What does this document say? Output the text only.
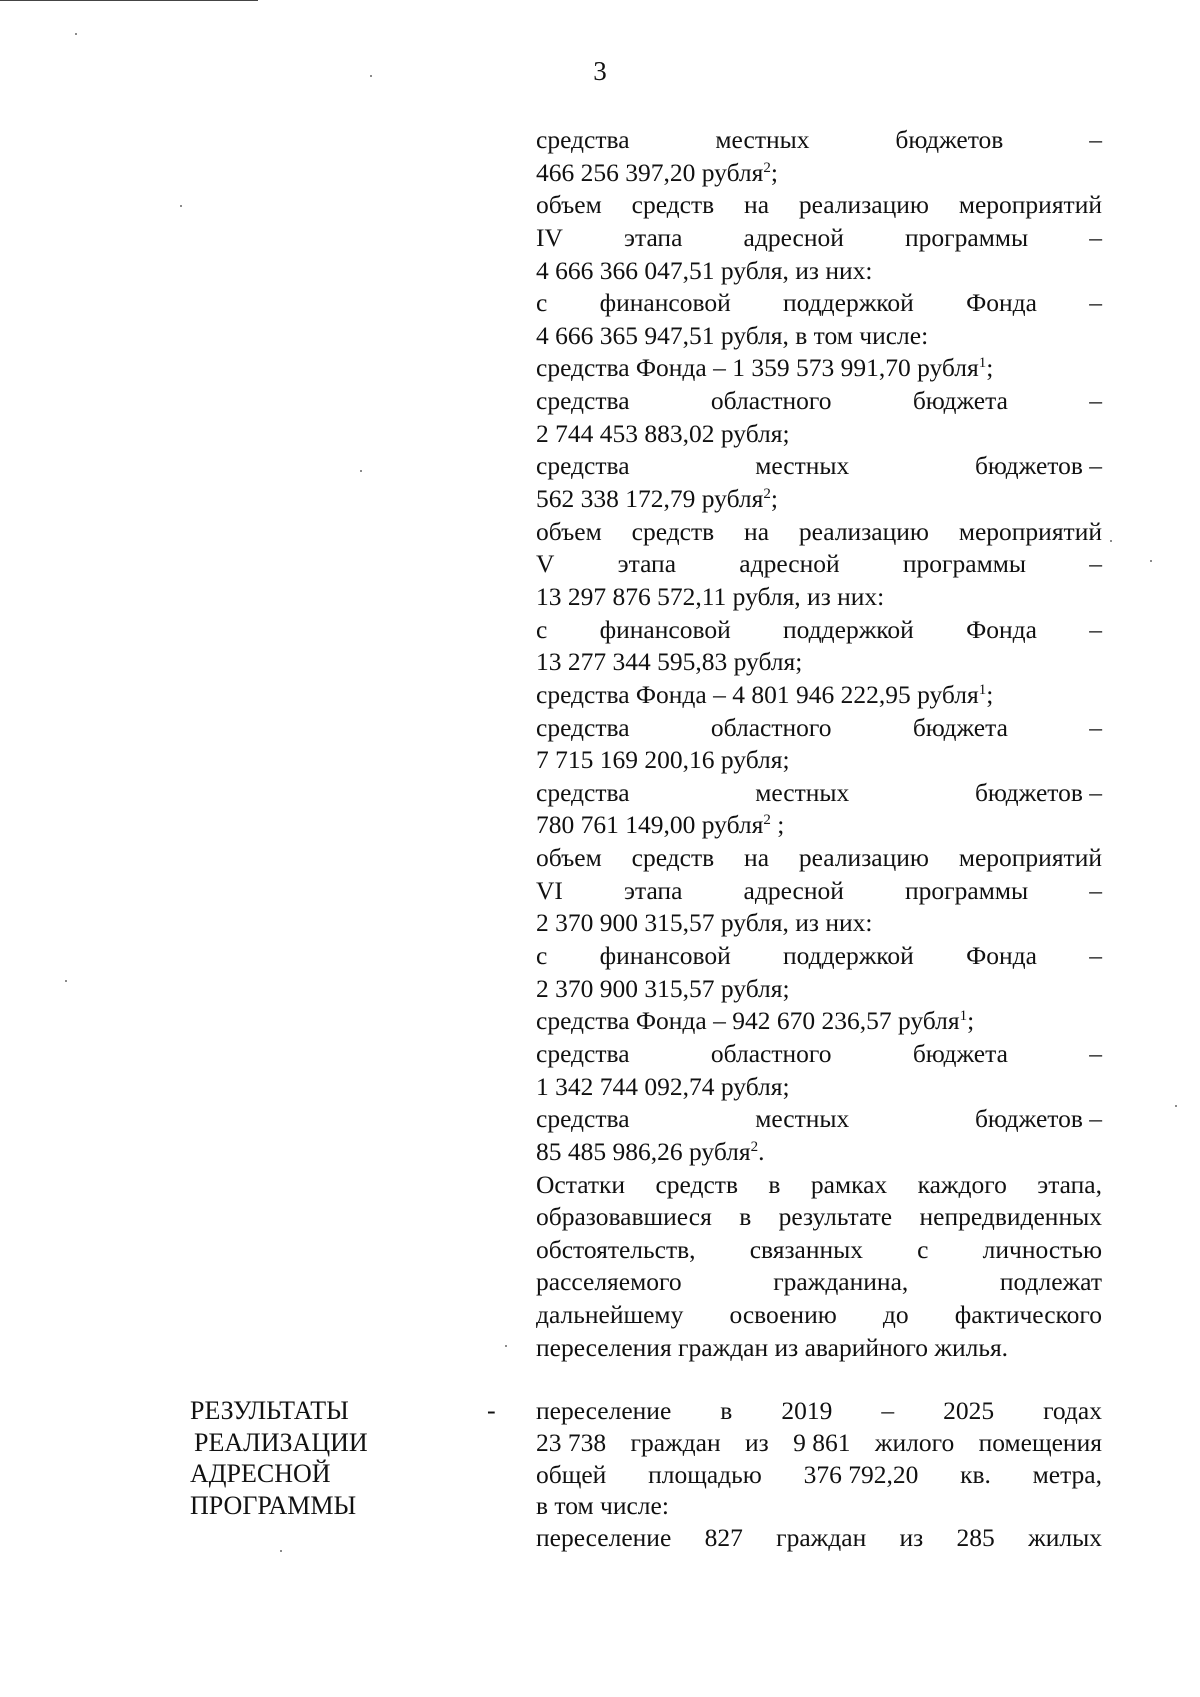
3
средства	местных	бюджетов	–
466 256 397,20 рубля$^2$;
объем средств на реализацию мероприятий
IV этапа адресной программы –
4 666 366 047,51 рубля, из них:
с финансовой поддержкой Фонда –
4 666 365 947,51 рубля, в том числе:
средства Фонда – 1 359 573 991,70 рубля$^1$;
средства	областного	бюджета	–
2 744 453 883,02 рубля;
средства	местных	бюджетов –
562 338 172,79 рубля$^2$;
объем средств на реализацию мероприятий
V этапа адресной программы –
13 297 876 572,11 рубля, из них:
с финансовой поддержкой Фонда –
13 277 344 595,83 рубля;
средства Фонда – 4 801 946 222,95 рубля$^1$;
средства	областного	бюджета	–
7 715 169 200,16 рубля;
средства	местных	бюджетов –
780 761 149,00 рубля$^2$ ;
объем средств на реализацию мероприятий
VI этапа адресной программы –
2 370 900 315,57 рубля, из них:
с финансовой поддержкой Фонда –
2 370 900 315,57 рубля;
средства Фонда – 942 670 236,57 рубля$^1$;
средства	областного	бюджета	–
1 342 744 092,74 рубля;
средства	местных	бюджетов –
85 485 986,26 рубля$^2$.
Остатки средств в рамках каждого этапа,
образовавшиеся в результате непредвиденных
обстоятельств, связанных с личностью
расселяемого	гражданина,	подлежат
дальнейшему освоению до фактического
переселения граждан из аварийного жилья.
РЕЗУЛЬТАТЫ
РЕАЛИЗАЦИИ
АДРЕСНОЙ
ПРОГРАММЫ
- переселение в 2019 – 2025 годах
23 738 граждан из 9 861 жилого помещения
общей площадью 376 792,20 кв. метра,
в том числе:
переселение 827 граждан из 285 жилых
